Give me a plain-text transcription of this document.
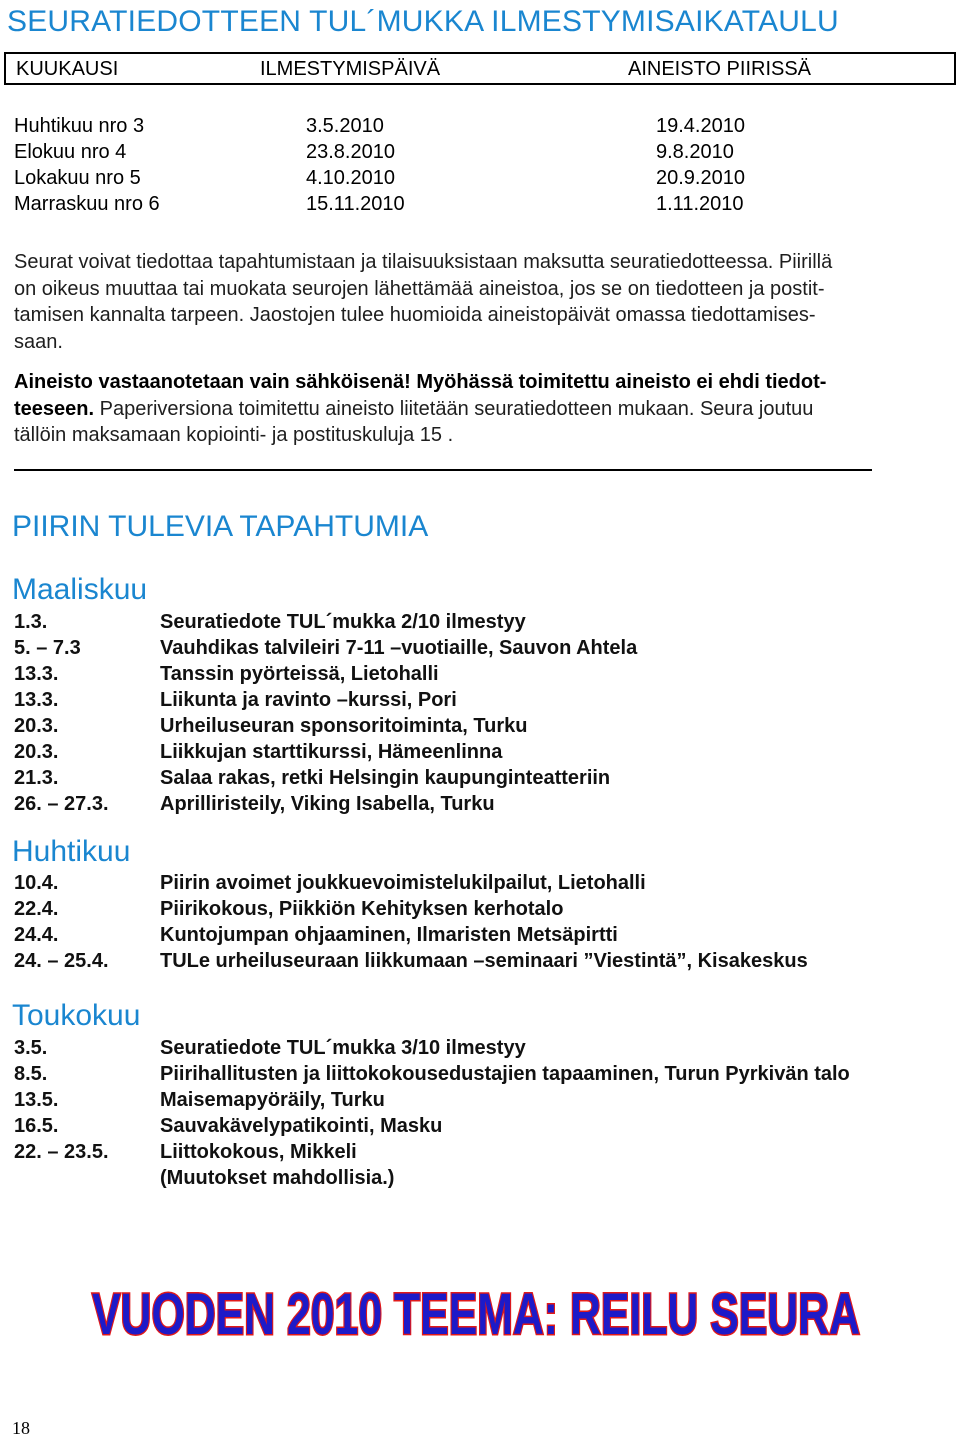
SEURATIEDOTTEEN TUL´MUKKA ILMESTYMISAIKATAULU
KUUKAUSI	ILMESTYMISPÄIVÄ	AINEISTO PIIRISSÄ
Huhtikuu nro 3	3.5.2010	19.4.2010
Elokuu nro 4	23.8.2010	9.8.2010
Lokakuu nro 5	4.10.2010	20.9.2010
Marraskuu nro 6	15.11.2010	1.11.2010

Seurat voivat tiedottaa tapahtumistaan ja tilaisuuksistaan maksutta seuratiedotteessa. Piirillä

on oikeus muuttaa tai muokata seurojen lähettämää aineistoa, jos se on tiedotteen ja postit-

tamisen kannalta tarpeen. Jaostojen tulee huomioida aineistopäivät omassa tiedottamises-

saan.

Aineisto vastaanotetaan vain sähköisenä! Myöhässä toimitettu aineisto ei ehdi tiedot-

teeseen. Paperiversiona toimitettu aineisto liitetään seuratiedotteen mukaan. Seura joutuu

tällöin maksamaan kopiointi- ja postituskuluja 15 .

PIIRIN TULEVIA TAPAHTUMIA
Maaliskuu
1.3.	Seuratiedote TUL´mukka 2/10 ilmestyy
5. – 7.3	Vauhdikas talvileiri 7-11 –vuotiaille, Sauvon Ahtela
13.3.	Tanssin pyörteissä, Lietohalli
13.3.	Liikunta ja ravinto –kurssi, Pori
20.3.	Urheiluseuran sponsoritoiminta, Turku
20.3.	Liikkujan starttikurssi, Hämeenlinna
21.3.	Salaa rakas, retki Helsingin kaupunginteatteriin
26. – 27.3.	Aprilliristeily, Viking Isabella, Turku
Huhtikuu
10.4.	Piirin avoimet joukkuevoimistelukilpailut, Lietohalli
22.4.	Piirikokous, Piikkiön Kehityksen kerhotalo
24.4.	Kuntojumpan ohjaaminen, Ilmaristen Metsäpirtti
24. – 25.4.	TULe urheiluseuraan liikkumaan –seminaari ”Viestintä”, Kisakeskus
Toukokuu
3.5.	Seuratiedote TUL´mukka 3/10 ilmestyy
8.5.	Piirihallitusten ja liittokokousedustajien tapaaminen, Turun Pyrkivän talo
13.5.	Maisemapyöräily, Turku
16.5.	Sauvakävelypatikointi, Masku
22. – 23.5.	Liittokokous, Mikkeli
(Muutokset mahdollisia.)
VUODEN 2010 TEEMA: REILU SEURA
18
